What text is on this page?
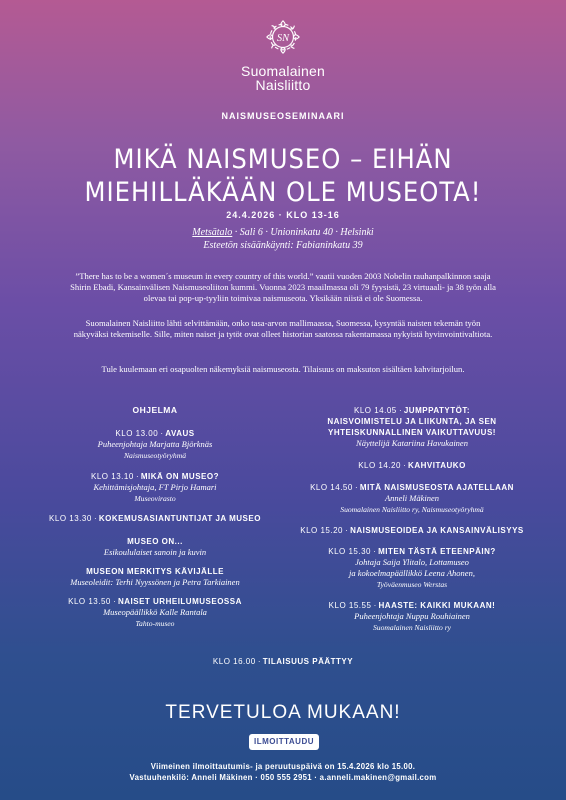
SN
Suomalainen
Naisliitto
NAISMUSEOSEMINAARI
MIKÄ NAISMUSEO – EIHÄN
MIEHILLÄKÄÄN OLE MUSEOTA!
24.4.2026 · KLO 13-16
Metsätalo · Sali 6 · Unioninkatu 40 · Helsinki
Esteetön sisäänkäynti: Fabianinkatu 39
”There has to be a women´s museum in every country of this world.” vaatii vuoden 2003 Nobelin rauhanpalkinnon saaja Shirin Ebadi, Kansainvälisen Naismuseoliiton kummi. Vuonna 2023 maailmassa oli 79 fyysistä, 23 virtuaali- ja 38 työn alla olevaa tai pop-up-tyyliin toimivaa naismuseota. Yksikään niistä ei ole Suomessa.
Suomalainen Naisliitto lähti selvittämään, onko tasa-arvon mallimaassa, Suomessa, kysyntää naisten tekemän työn näkyväksi tekemiselle. Sille, miten naiset ja tytöt ovat olleet historian saatossa rakentamassa nykyistä hyvinvointivaltiota.
Tule kuulemaan eri osapuolten näkemyksiä naismuseosta. Tilaisuus on maksuton sisältäen kahvitarjoilun.
OHJELMA
KLO 13.00 · AVAUS
Puheenjohtaja Marjatta Björknäs
Naismuseotyöryhmä
KLO 13.10 · MIKÄ ON MUSEO?
Kehittämisjohtaja, FT Pirjo Hamari
Museovirasto
KLO 13.30 · KOKEMUSASIANTUNTIJAT JA MUSEO
MUSEO ON...
Esikoululaiset sanoin ja kuvin
MUSEON MERKITYS KÄVIJÄLLE
Museoleidit: Terhi Nyyssönen ja Petra Tarkiainen
KLO 13.50 · NAISET URHEILUMUSEOSSA
Museopäällikkö Kalle Rantala
Tahto-museo
KLO 14.05 · JUMPPATYTÖT:
NAISVOIMISTELU JA LIIKUNTA, JA SEN
YHTEISKUNNALLINEN VAIKUTTAVUUS!
Näyttelijä Katariina Havukainen
KLO 14.20 · KAHVITAUKO
KLO 14.50 · MITÄ NAISMUSEOSTA AJATELLAAN
Anneli Mäkinen
Suomalainen Naisliitto ry, Naismuseotyöryhmä
KLO 15.20 · NAISMUSEOIDEA JA KANSAINVÄLISYYS
KLO 15.30 · MITEN TÄSTÄ ETEENPÄIN?
Johtaja Saija Ylitalo, Lottamuseo
ja kokoelmapäällikkö Leena Ahonen,
Työväenmuseo Werstas
KLO 15.55 · HAASTE: KAIKKI MUKAAN!
Puheenjohtaja Nuppu Rouhiainen
Suomalainen Naisliitto ry
KLO 16.00 · TILAISUUS PÄÄTTYY
TERVETULOA MUKAAN!
ILMOITTAUDU
Viimeinen ilmoittautumis- ja peruutuspäivä on 15.4.2026 klo 15.00.
Vastuuhenkilö: Anneli Mäkinen · 050 555 2951 · a.anneli.makinen@gmail.com
